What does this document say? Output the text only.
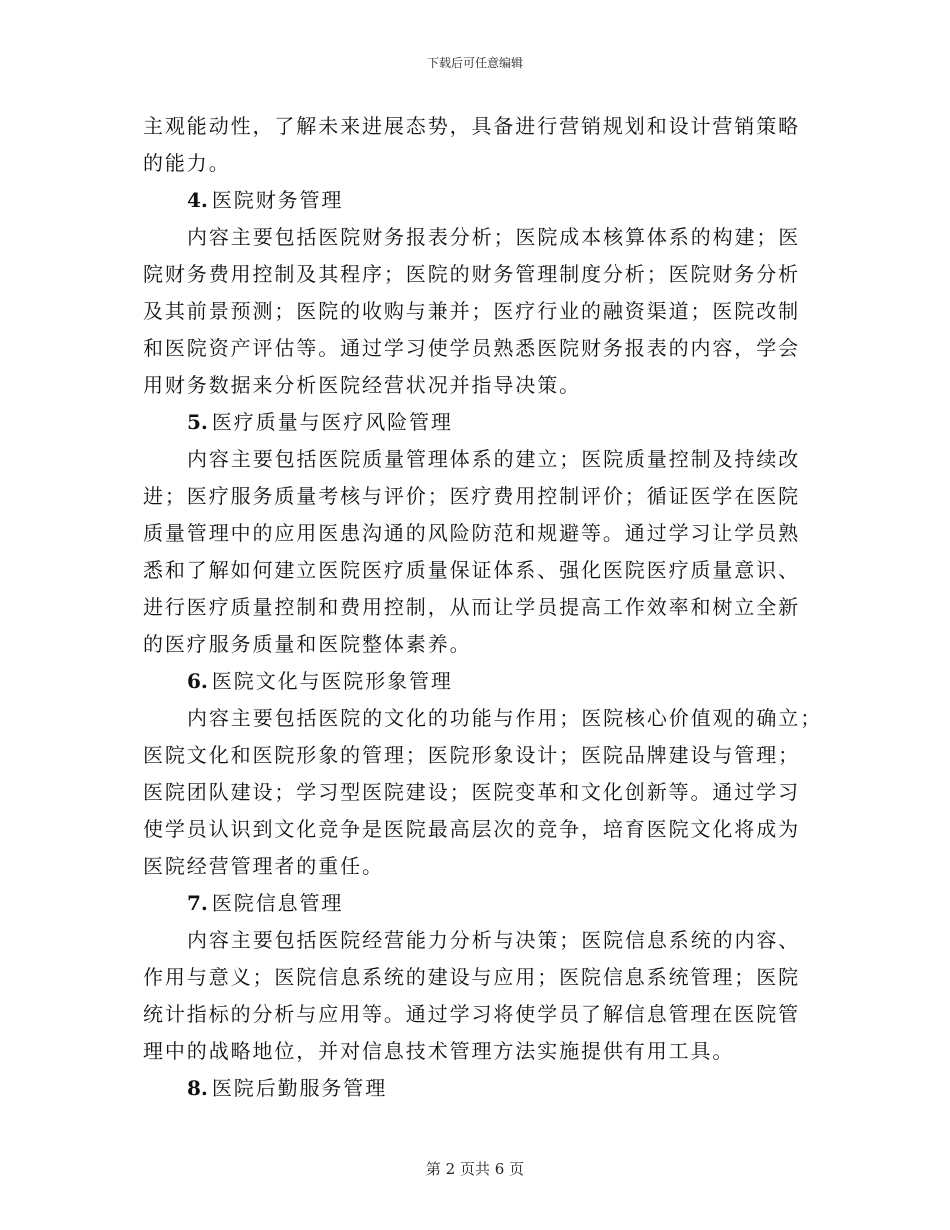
下载后可任意编辑
主观能动性，了解未来进展态势，具备进行营销规划和设计营销策略
的能力。
4. 医院财务管理
内容主要包括医院财务报表分析；医院成本核算体系的构建；医
院财务费用控制及其程序；医院的财务管理制度分析；医院财务分析
及其前景预测；医院的收购与兼并；医疗行业的融资渠道；医院改制
和医院资产评估等。通过学习使学员熟悉医院财务报表的内容，学会
用财务数据来分析医院经营状况并指导决策。
5. 医疗质量与医疗风险管理
内容主要包括医院质量管理体系的建立；医院质量控制及持续改
进；医疗服务质量考核与评价；医疗费用控制评价；循证医学在医院
质量管理中的应用医患沟通的风险防范和规避等。通过学习让学员熟
悉和了解如何建立医院医疗质量保证体系、强化医院医疗质量意识、
进行医疗质量控制和费用控制，从而让学员提高工作效率和树立全新
的医疗服务质量和医院整体素养。
6. 医院文化与医院形象管理
内容主要包括医院的文化的功能与作用；医院核心价值观的确立；
医院文化和医院形象的管理；医院形象设计；医院品牌建设与管理；
医院团队建设；学习型医院建设；医院变革和文化创新等。通过学习
使学员认识到文化竞争是医院最高层次的竞争，培育医院文化将成为
医院经营管理者的重任。
7. 医院信息管理
内容主要包括医院经营能力分析与决策；医院信息系统的内容、
作用与意义；医院信息系统的建设与应用；医院信息系统管理；医院
统计指标的分析与应用等。通过学习将使学员了解信息管理在医院管
理中的战略地位，并对信息技术管理方法实施提供有用工具。
8. 医院后勤服务管理
第 2 页共 6 页
